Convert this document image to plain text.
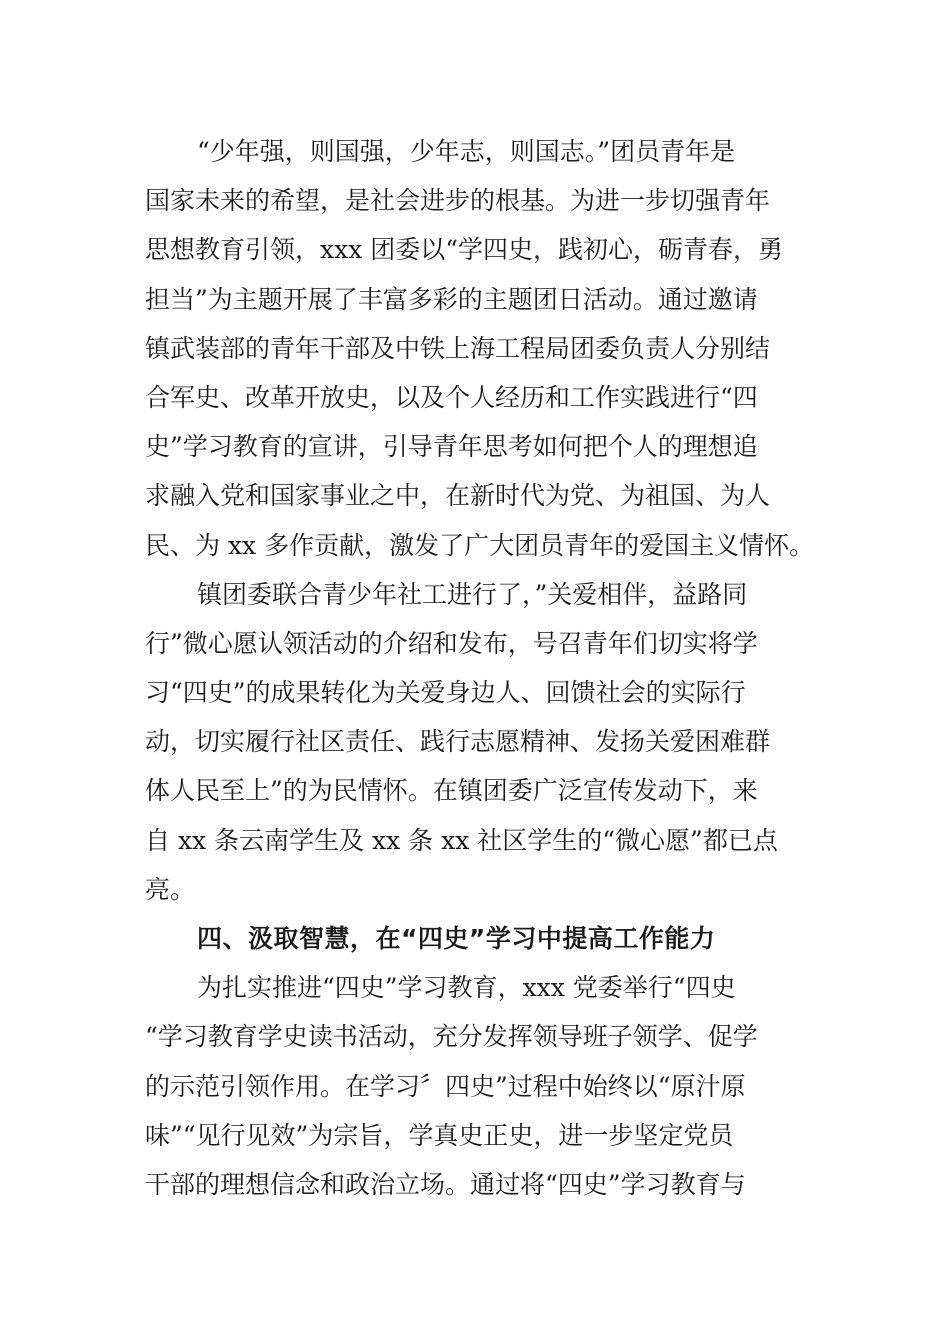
“少年强，则国强，少年志，则国志。”团员青年是
国家未来的希望，是社会进步的根基。为进一步切强青年
思想教育引领，xxx 团委以“学四史，践初心，砺青春，勇
担当”为主题开展了丰富多彩的主题团日活动。通过邀请
镇武装部的青年干部及中铁上海工程局团委负责人分别结
合军史、改革开放史，以及个人经历和工作实践进行“四
史”学习教育的宣讲，引导青年思考如何把个人的理想追
求融入党和国家事业之中，在新时代为党、为祖国、为人
民、为 xx 多作贡献，激发了广大团员青年的爱国主义情怀。
镇团委联合青少年社工进行了，”关爱相伴，益路同
行”微心愿认领活动的介绍和发布，号召青年们切实将学
习“四史”的成果转化为关爱身边人、回馈社会的实际行
动，切实履行社区责任、践行志愿精神、发扬关爱困难群
体人民至上”的为民情怀。在镇团委广泛宣传发动下，来
自 xx 条云南学生及 xx 条 xx 社区学生的“微心愿”都已点
亮。
四、汲取智慧，在“四史”学习中提高工作能力
为扎实推进“四史”学习教育，xxx 党委举行“四史
“学习教育学史读书活动，充分发挥领导班子领学、促学
的示范引领作用。在学习〞四史”过程中始终以“原汁原
味”“见行见效”为宗旨，学真史正史，进一步坚定党员
干部的理想信念和政治立场。通过将“四史”学习教育与
